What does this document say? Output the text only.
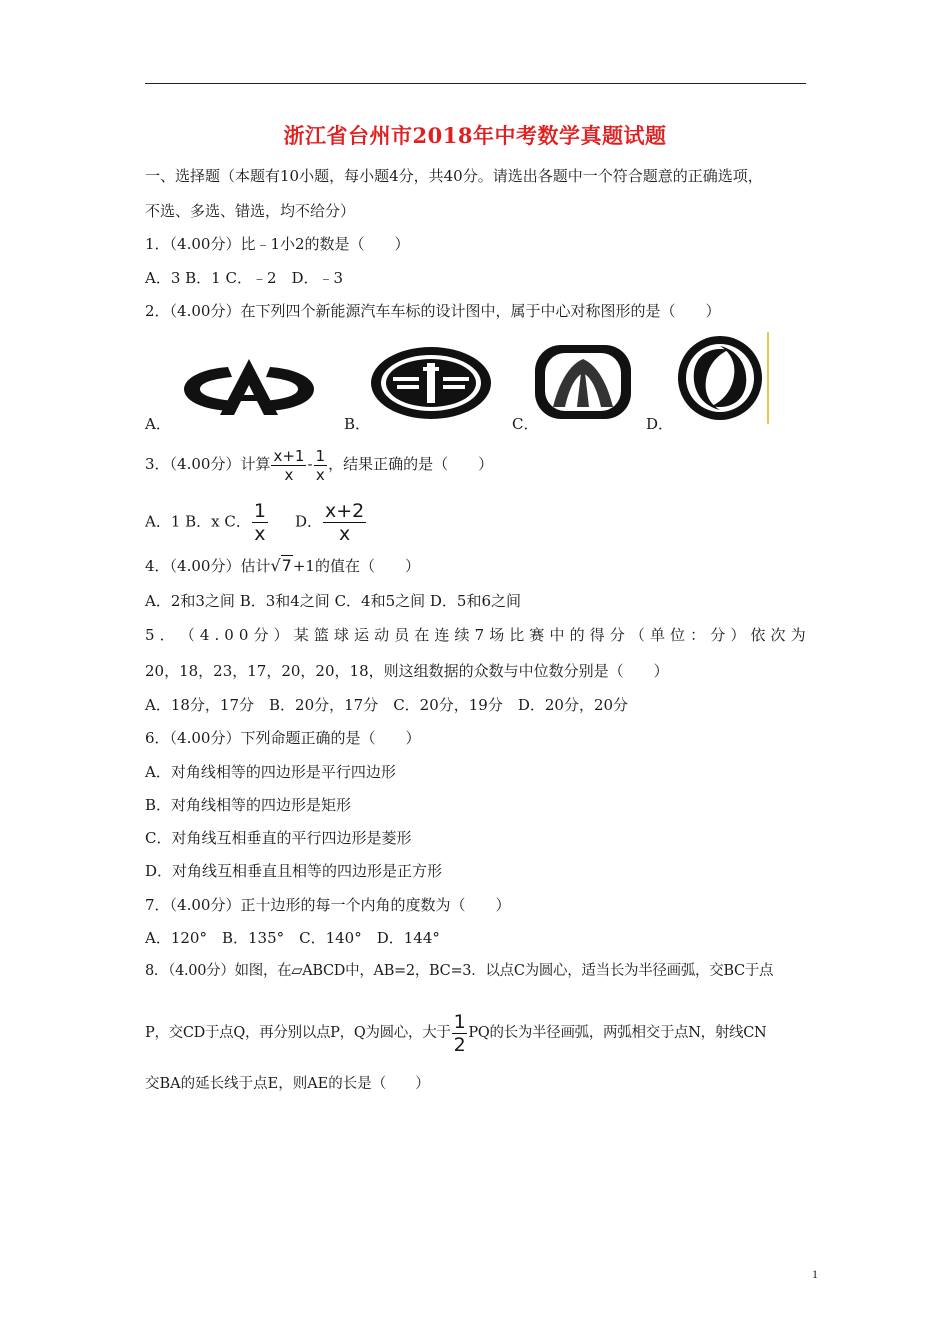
浙江省台州市2018年中考数学真题试题
一、选择题（本题有10小题，每小题4分，共40分。请选出各题中一个符合题意的正确选项，
不选、多选、错选，均不给分）
1．（4.00分）比﹣1小2的数是（　　）
A．3 B．1 C．﹣2　D．﹣3
2．（4.00分）在下列四个新能源汽车车标的设计图中，属于中心对称图形的是（　　）
A．	B．	C．	D．
3．（4.00分）计算 $\frac{x+1}{x} - \frac{1}{x}$ ，结果正确的是（　　）
A．1 B．x C． $\frac{1}{x}$ D． $\frac{x+2}{x}$
4．（4.00分）估计√7+1的值在（　　）
A．2和3之间 B．3和4之间 C．4和5之间 D．5和6之间
5 ． （ 4 . 0 0 分 ） 某 篮 球 运 动 员 在 连 续 7 场 比 赛 中 的 得 分 （ 单 位 ： 分 ） 依 次 为
20，18，23，17，20，20，18，则这组数据的众数与中位数分别是（　　）
A．18分，17分　B．20分，17分　C．20分，19分　D．20分，20分
6．（4.00分）下列命题正确的是（　　）
A．对角线相等的四边形是平行四边形
B．对角线相等的四边形是矩形
C．对角线互相垂直的平行四边形是菱形
D．对角线互相垂直且相等的四边形是正方形
7．（4.00分）正十边形的每一个内角的度数为（　　）
A．120°　B．135°　C．140°　D．144°
8．（4.00分）如图，在▱ABCD中，AB=2，BC=3．以点C为圆心，适当长为半径画弧，交BC于点
P，交CD于点Q，再分别以点P，Q为圆心，大于 $\frac{1}{2}$ PQ的长为半径画弧，两弧相交于点N，射线CN
交BA的延长线于点E，则AE的长是（　　）
1
